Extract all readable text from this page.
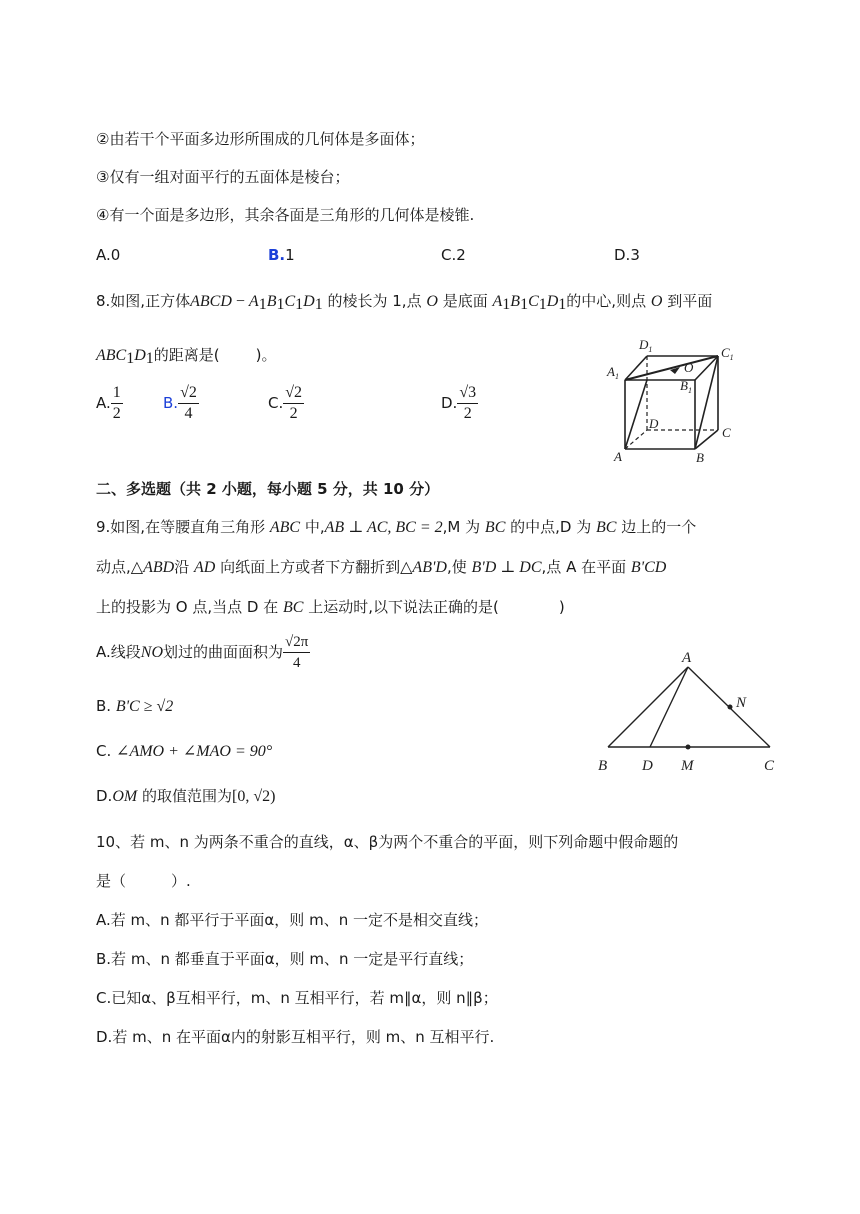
②由若干个平面多边形所围成的几何体是多面体；
③仅有一组对面平行的五面体是棱台；
④有一个面是多边形，其余各面是三角形的几何体是棱锥.
A.0	B.1	C.2	D.3
8.如图,正方体ABCD − $A_1B_1C_1D_1$ 的棱长为 1,点 O 是底面 $A_1B_1C_1D_1$的中心,则点 O 到平面
$ABC_1D_1$的距离是( )。
A. $\frac{1}{2}$	B. $\frac{√2}{4}$	C. $\frac{√2}{2}$	D. $\frac{√3}{2}$
$D_1$	$C_1$
$A_1$
$B_1$
O
D
C
A	B
二、多选题（共 2 小题，每小题 5 分，共 10 分）
9.如图,在等腰直角三角形 ABC 中,AB ⊥ AC, BC = 2,M 为 BC 的中点,D 为 BC 边上的一个
动点,△ABD沿 AD 向纸面上方或者下方翻折到△AB'D,使 B'D ⊥ DC,点 A 在平面 B'CD
上的投影为 O 点,当点 D 在 BC 上运动时,以下说法正确的是(	)
A.线段NO划过的曲面面积为 $\frac{√2\pi}{4}$
B. B'C ≥ √2
C. ∠AMO + ∠MAO = 90°
D.OM 的取值范围为[0, √2)
A
N
B D M	C
10、若 m、n 为两条不重合的直线，α、β为两个不重合的平面，则下列命题中假命题的
是（　　　）.
A.若 m、n 都平行于平面α，则 m、n 一定不是相交直线；
B.若 m、n 都垂直于平面α，则 m、n 一定是平行直线；
C.已知α、β互相平行，m、n 互相平行，若 m∥α，则 n∥β；
D.若 m、n 在平面α内的射影互相平行，则 m、n 互相平行.
